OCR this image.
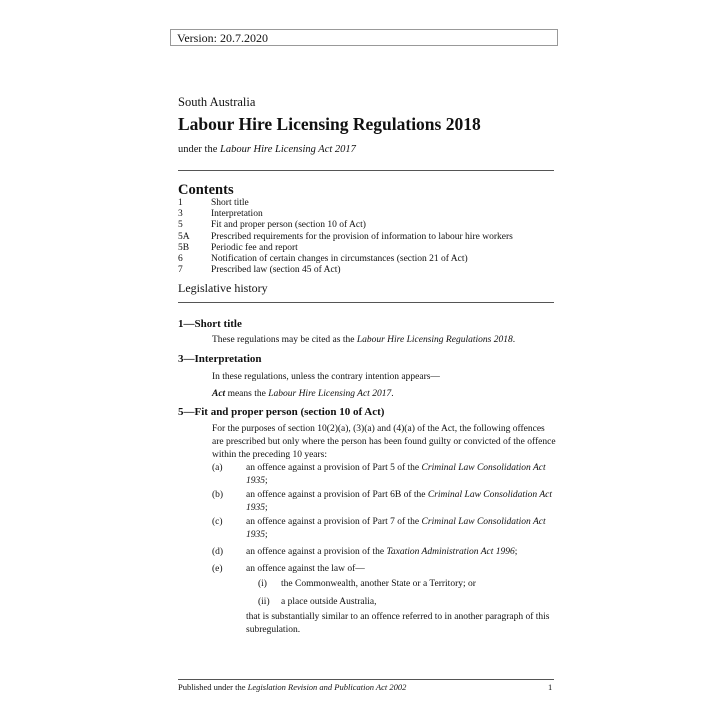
Version: 20.7.2020
South Australia
Labour Hire Licensing Regulations 2018
under the Labour Hire Licensing Act 2017
Contents
1	Short title
3	Interpretation
5	Fit and proper person (section 10 of Act)
5A	Prescribed requirements for the provision of information to labour hire workers
5B	Periodic fee and report
6	Notification of certain changes in circumstances (section 21 of Act)
7	Prescribed law (section 45 of Act)
Legislative history
1—Short title
These regulations may be cited as the Labour Hire Licensing Regulations 2018.
3—Interpretation
In these regulations, unless the contrary intention appears—
Act means the Labour Hire Licensing Act 2017.
5—Fit and proper person (section 10 of Act)
For the purposes of section 10(2)(a), (3)(a) and (4)(a) of the Act, the following offences are prescribed but only where the person has been found guilty or convicted of the offence within the preceding 10 years:
(a)	an offence against a provision of Part 5 of the Criminal Law Consolidation Act 1935;
(b)	an offence against a provision of Part 6B of the Criminal Law Consolidation Act 1935;
(c)	an offence against a provision of Part 7 of the Criminal Law Consolidation Act 1935;
(d)	an offence against a provision of the Taxation Administration Act 1996;
(e)	an offence against the law of—
(i)	the Commonwealth, another State or a Territory; or
(ii)	a place outside Australia,
that is substantially similar to an offence referred to in another paragraph of this subregulation.
Published under the Legislation Revision and Publication Act 2002	1
